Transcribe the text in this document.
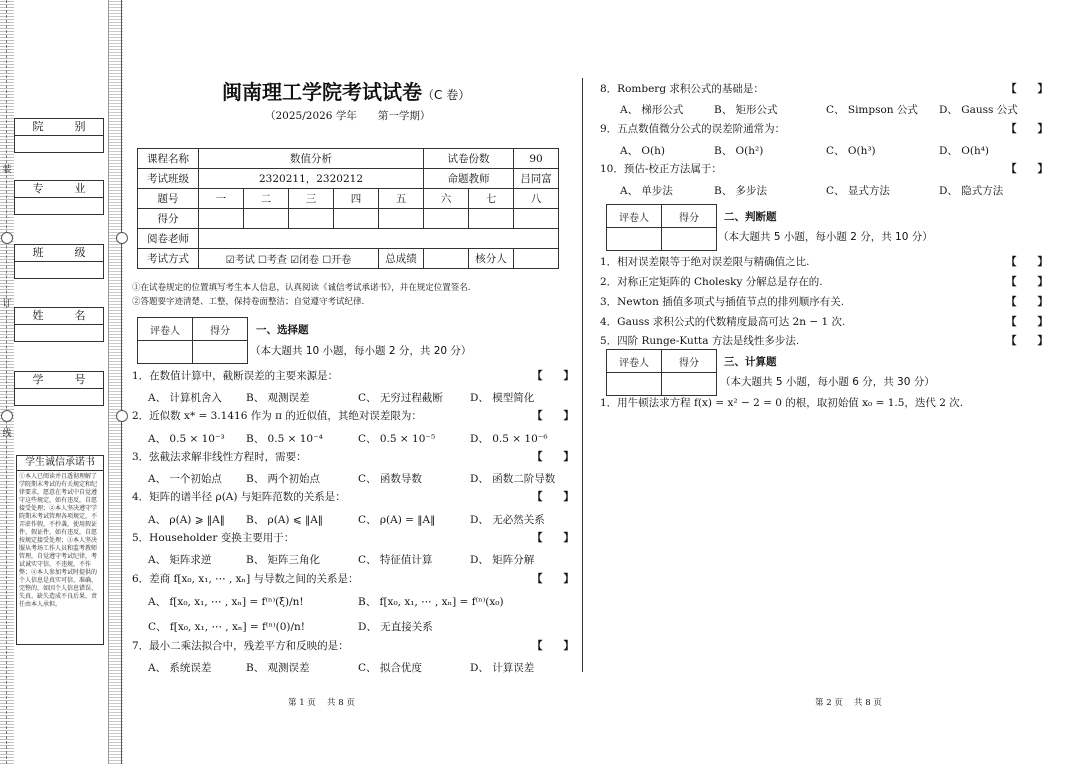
装
订
线
院　别
专　业
班　级
姓　名
学　号
学生诚信承诺书
①本人已阅读并且透彻理解了学院期末考试的有关规定和纪律要求，愿意在考试中自觉遵守这些规定，如有违反，自愿接受处理；②本人坚决遵守学院期末考试管理各项规定，不弄虚作假，不抄袭，使用假证件，假证件，如有违反，自愿按规定接受处理；③本人坚决服从考场工作人员和监考教师管理，自觉遵守考试纪律，考试诚实守信，不违规，不作弊；④本人参加考试时提供的个人信息是真实可信、准确、完整的，如因个人信息错误、失真、缺失造成不良后果，责任由本人承担。
闽南理工学院考试试卷（C 卷）
（2025/2026 学年　　第一学期）
课程名称	数值分析					试卷份数		90
考试班级	2320211，2320212					命题教师		吕同富
题号	一	二	三	四	五	六	七	八
得分								
阅卷老师								
考试方式	☑考试 ☐考查 ☑闭卷 ☐开卷				总成绩		核分人	
①在试卷规定的位置填写考生本人信息，认真阅读《诚信考试承诺书》，并在规定位置签名.
②答题要字迹清楚、工整，保持卷面整洁；自觉遵守考试纪律.
评卷人	得分
	一、选择题
（本大题共 10 小题，每小题 2 分，共 20 分）
1．在数值计算中，截断误差的主要来源是：	【　　】
A、 计算机舍入 B、 观测误差	C、 无穷过程截断	D、 模型简化
2．近似数 x* = 3.1416 作为 π 的近似值，其绝对误差限为：	【　　】
A、 0.5 × 10⁻³ B、 0.5 × 10⁻⁴	C、 0.5 × 10⁻⁵	D、 0.5 × 10⁻⁶
3．弦截法求解非线性方程时，需要：	【　　】
A、 一个初始点 B、 两个初始点	C、 函数导数	D、 函数二阶导数
4．矩阵的谱半径 ρ(A) 与矩阵范数的关系是：	【　　】
A、 ρ(A) ⩾ ‖A‖ B、 ρ(A) ⩽ ‖A‖	C、 ρ(A) = ‖A‖	D、 无必然关系
5．Householder 变换主要用于：	【　　】
A、 矩阵求逆	B、 矩阵三角化	C、 特征值计算	D、 矩阵分解
6．差商 f[x₀, x₁, ⋯ , xₙ] 与导数之间的关系是：	【　　】
A、 f[x₀, x₁, ⋯ , xₙ] = f⁽ⁿ⁾(ξ)/n!	B、 f[x₀, x₁, ⋯ , xₙ] = f⁽ⁿ⁾(x₀)
C、 f[x₀, x₁, ⋯ , xₙ] = f⁽ⁿ⁾(0)/n!	D、 无直接关系
7．最小二乘法拟合中，残差平方和反映的是：	【　　】
A、 系统误差	B、 观测误差	C、 拟合优度	D、 计算误差
8．Romberg 求积公式的基础是：	【　　】
A、 梯形公式	B、 矩形公式	C、 Simpson 公式 D、 Gauss 公式
9．五点数值微分公式的误差阶通常为：	【　　】
A、 O(h)	B、 O(h²)	C、 O(h³)	D、 O(h⁴)
10．预估-校正方法属于：	【　　】
A、 单步法	B、 多步法	C、 显式方法	D、 隐式方法
评卷人	得分
	二、判断题
（本大题共 5 小题，每小题 2 分，共 10 分）
1．相对误差限等于绝对误差限与精确值之比.	【　　】
2．对称正定矩阵的 Cholesky 分解总是存在的.	【　　】
3．Newton 插值多项式与插值节点的排列顺序有关.	【　　】
4．Gauss 求积公式的代数精度最高可达 2n − 1 次.	【　　】
5．四阶 Runge-Kutta 方法是线性多步法.	【　　】
评卷人	得分
	三、计算题
（本大题共 5 小题，每小题 6 分，共 30 分）
1．用牛顿法求方程 f(x) = x² − 2 = 0 的根，取初始值 x₀ = 1.5，迭代 2 次.
第 1 页　 共 8 页	第 2 页　 共 8 页
